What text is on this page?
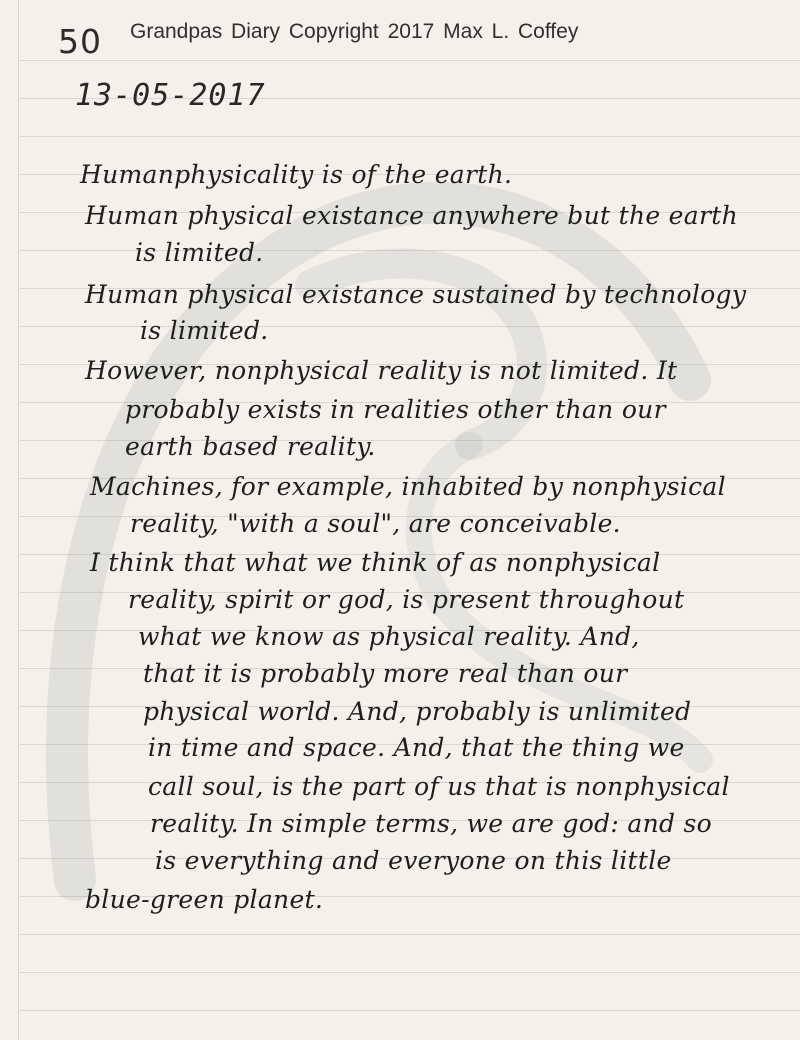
50 Grandpas Diary Copyright 2017 Max L. Coffey
13-05-2017
Humanphysicality is of the earth.
Human physical existance anywhere but the earth
is limited.
Human physical existance sustained by technology
is limited.
However, nonphysical reality is not limited. It
probably exists in realities other than our
earth based reality.
Machines, for example, inhabited by nonphysical
reality, "with a soul", are conceivable.
I think that what we think of as nonphysical
reality, spirit or god, is present throughout
what we know as physical reality. And,
that it is probably more real than our
physical world. And, probably is unlimited
in time and space. And, that the thing we
call soul, is the part of us that is nonphysical
reality. In simple terms, we are god: and so
is everything and everyone on this little
blue-green planet.
